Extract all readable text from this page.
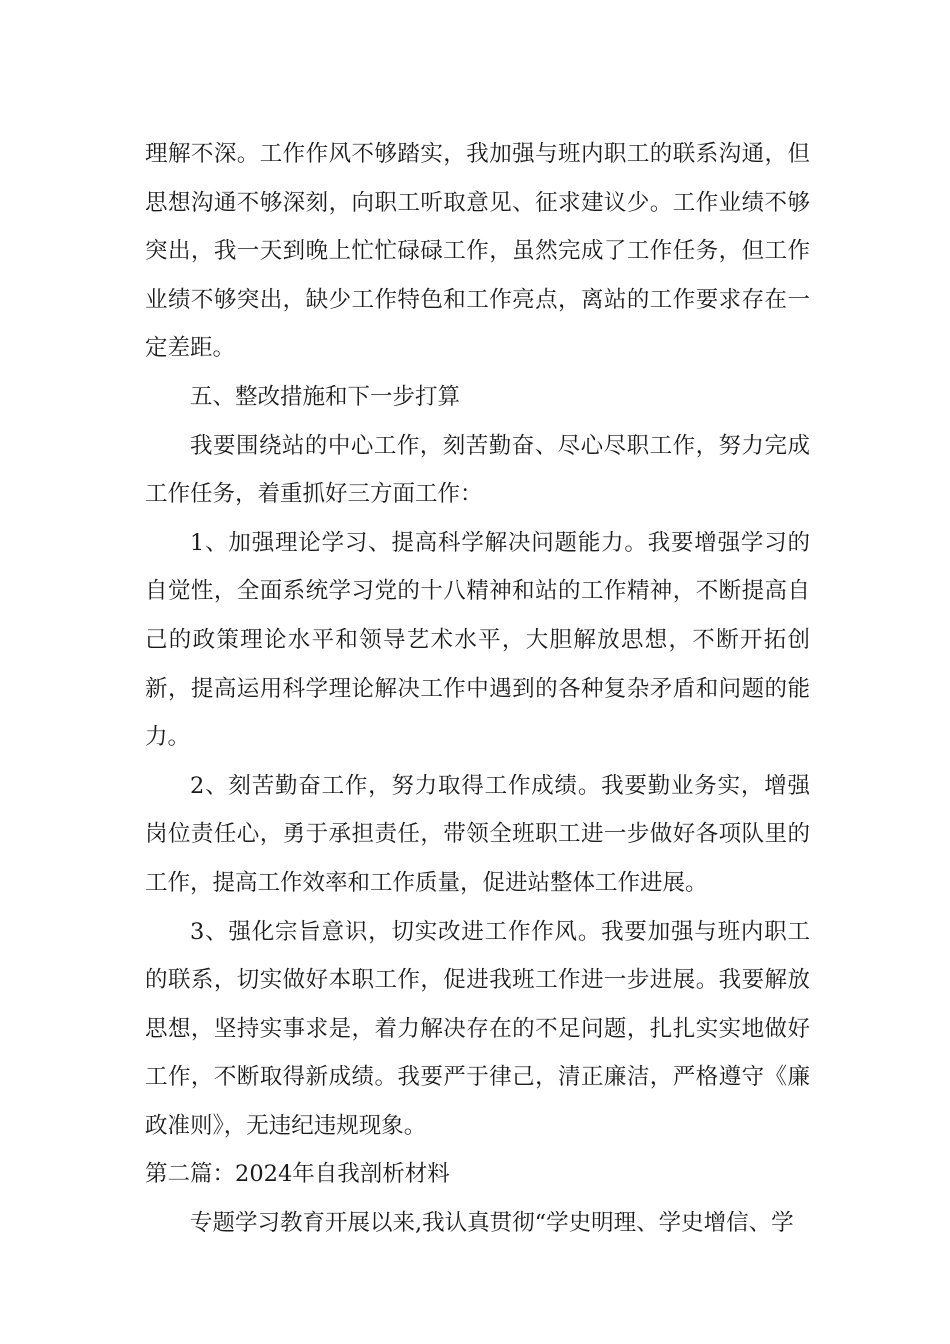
理解不深。工作作风不够踏实，我加强与班内职工的联系沟通，但思想沟通不够深刻，向职工听取意见、征求建议少。工作业绩不够突出，我一天到晚上忙忙碌碌工作，虽然完成了工作任务，但工作业绩不够突出，缺少工作特色和工作亮点，离站的工作要求存在一定差距。

五、整改措施和下一步打算

我要围绕站的中心工作，刻苦勤奋、尽心尽职工作，努力完成工作任务，着重抓好三方面工作：

1、加强理论学习、提高科学解决问题能力。我要增强学习的自觉性，全面系统学习党的十八精神和站的工作精神，不断提高自己的政策理论水平和领导艺术水平，大胆解放思想，不断开拓创新，提高运用科学理论解决工作中遇到的各种复杂矛盾和问题的能力。

2、刻苦勤奋工作，努力取得工作成绩。我要勤业务实，增强岗位责任心，勇于承担责任，带领全班职工进一步做好各项队里的工作，提高工作效率和工作质量，促进站整体工作进展。

3、强化宗旨意识，切实改进工作作风。我要加强与班内职工的联系，切实做好本职工作，促进我班工作进一步进展。我要解放思想，坚持实事求是，着力解决存在的不足问题，扎扎实实地做好工作，不断取得新成绩。我要严于律己，清正廉洁，严格遵守《廉政准则》，无违纪违规现象。

第二篇：2024年自我剖析材料

专题学习教育开展以来,我认真贯彻“学史明理、学史增信、学
